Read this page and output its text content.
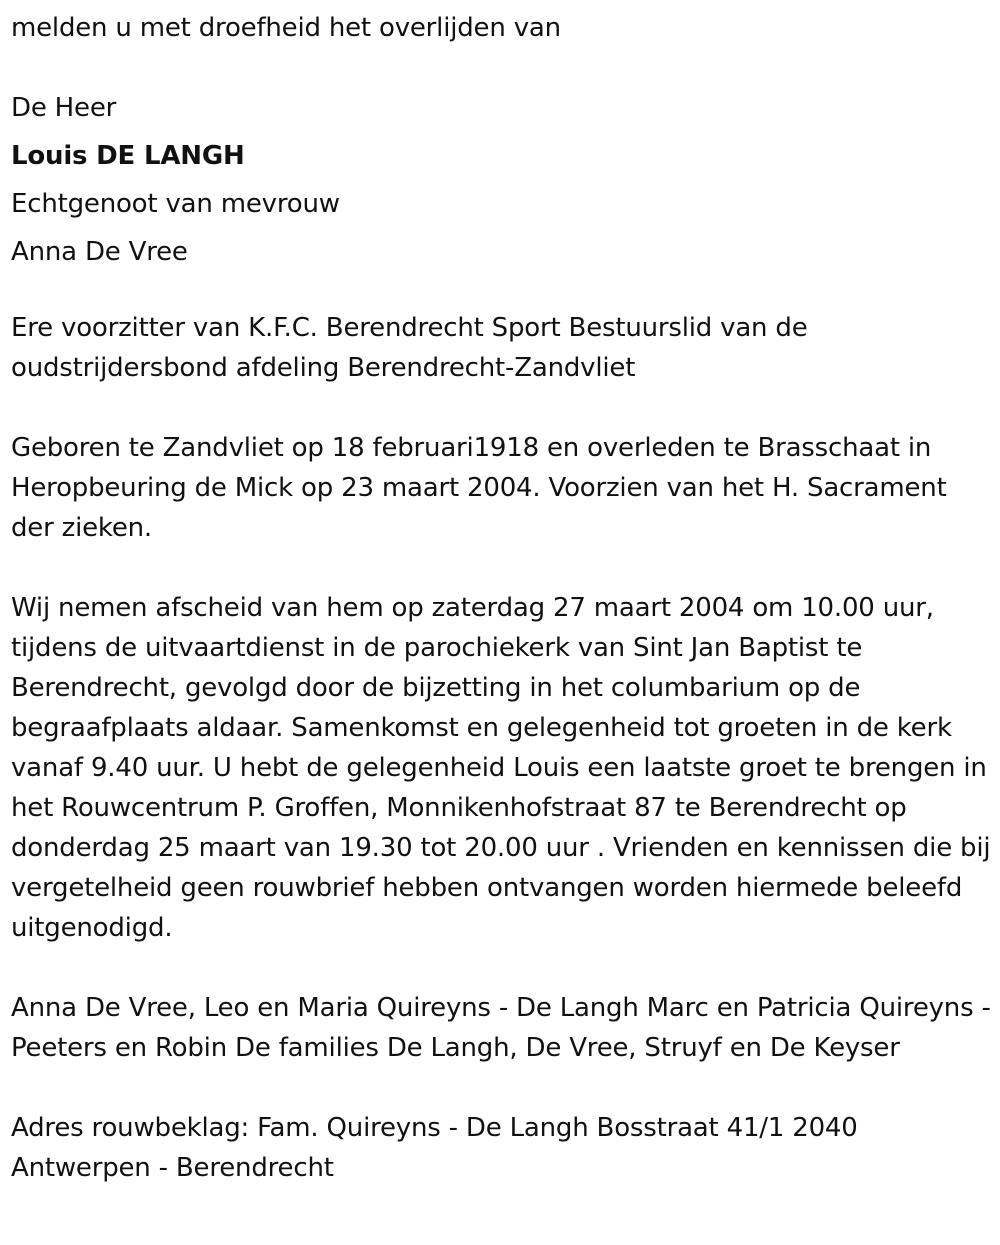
melden u met droefheid het overlijden van

De Heer

Louis DE LANGH

Echtgenoot van mevrouw

Anna De Vree

Ere voorzitter van K.F.C. Berendrecht Sport Bestuurslid van de oudstrijdersbond afdeling Berendrecht-Zandvliet

Geboren te Zandvliet op 18 februari1918 en overleden te Brasschaat in Heropbeuring de Mick op 23 maart 2004. Voorzien van het H. Sacrament der zieken.

Wij nemen afscheid van hem op zaterdag 27 maart 2004 om 10.00 uur, tijdens de uitvaartdienst in de parochiekerk van Sint Jan Baptist te Berendrecht, gevolgd door de bijzetting in het columbarium op de begraafplaats aldaar. Samenkomst en gelegenheid tot groeten in de kerk vanaf 9.40 uur. U hebt de gelegenheid Louis een laatste groet te brengen in het Rouwcentrum P. Groffen, Monnikenhofstraat 87 te Berendrecht op donderdag 25 maart van 19.30 tot 20.00 uur . Vrienden en kennissen die bij vergetelheid geen rouwbrief hebben ontvangen worden hiermede beleefd uitgenodigd.

Anna De Vree, Leo en Maria Quireyns - De Langh Marc en Patricia Quireyns - Peeters en Robin De families De Langh, De Vree, Struyf en De Keyser

Adres rouwbeklag: Fam. Quireyns - De Langh Bosstraat 41/1 2040 Antwerpen - Berendrecht
